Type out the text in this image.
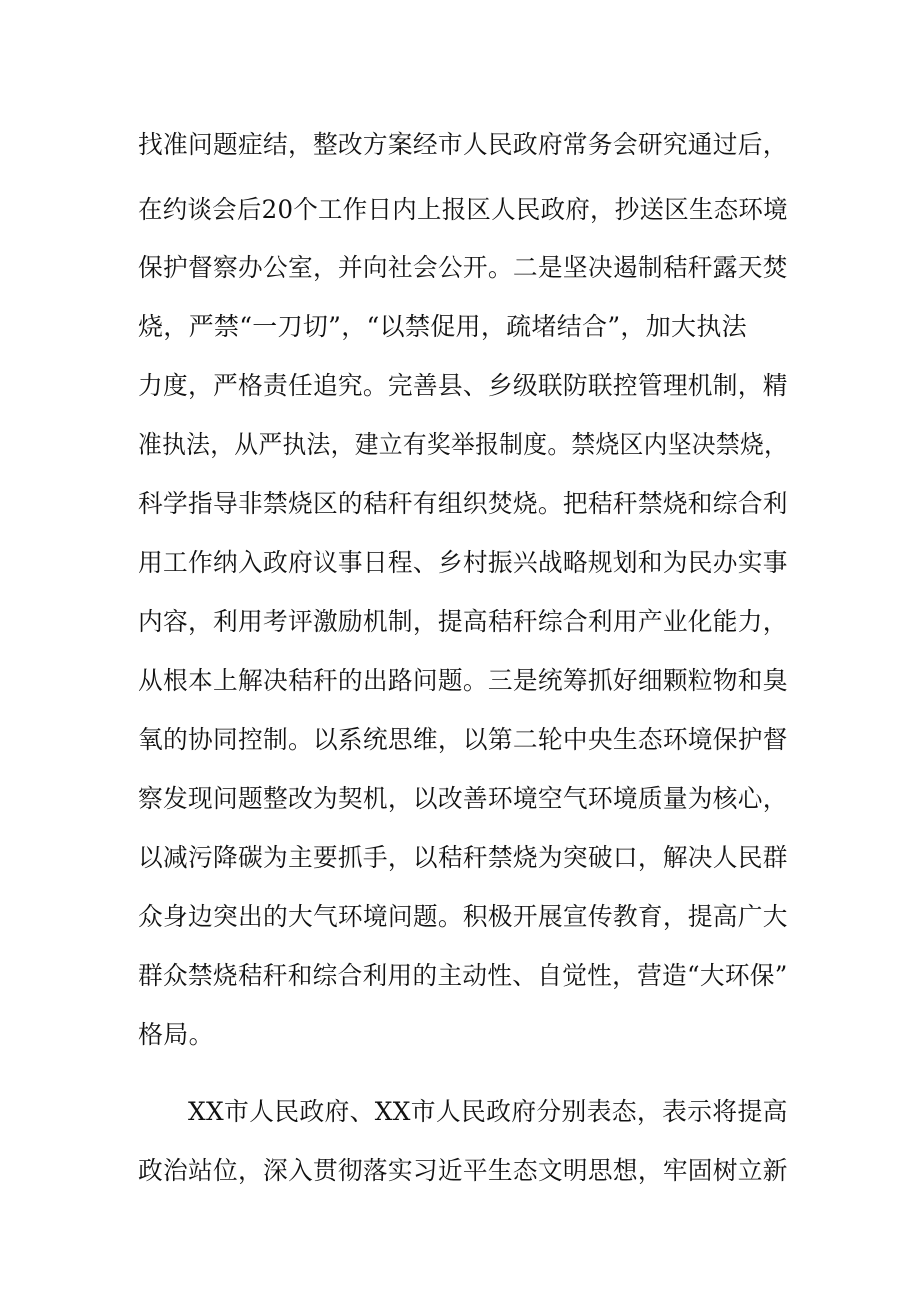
找准问题症结，整改方案经市人民政府常务会研究通过后，
在约谈会后20个工作日内上报区人民政府，抄送区生态环境
保护督察办公室，并向社会公开。二是坚决遏制秸秆露天焚
烧，严禁“一刀切”，“以禁促用，疏堵结合”，加大执法
力度，严格责任追究。完善县、乡级联防联控管理机制，精
准执法，从严执法，建立有奖举报制度。禁烧区内坚决禁烧，
科学指导非禁烧区的秸秆有组织焚烧。把秸秆禁烧和综合利
用工作纳入政府议事日程、乡村振兴战略规划和为民办实事
内容，利用考评激励机制，提高秸秆综合利用产业化能力，
从根本上解决秸秆的出路问题。三是统筹抓好细颗粒物和臭
氧的协同控制。以系统思维，以第二轮中央生态环境保护督
察发现问题整改为契机，以改善环境空气环境质量为核心，
以减污降碳为主要抓手，以秸秆禁烧为突破口，解决人民群
众身边突出的大气环境问题。积极开展宣传教育，提高广大
群众禁烧秸秆和综合利用的主动性、自觉性，营造“大环保”
格局。
XX市人民政府、XX市人民政府分别表态，表示将提高
政治站位，深入贯彻落实习近平生态文明思想，牢固树立新
